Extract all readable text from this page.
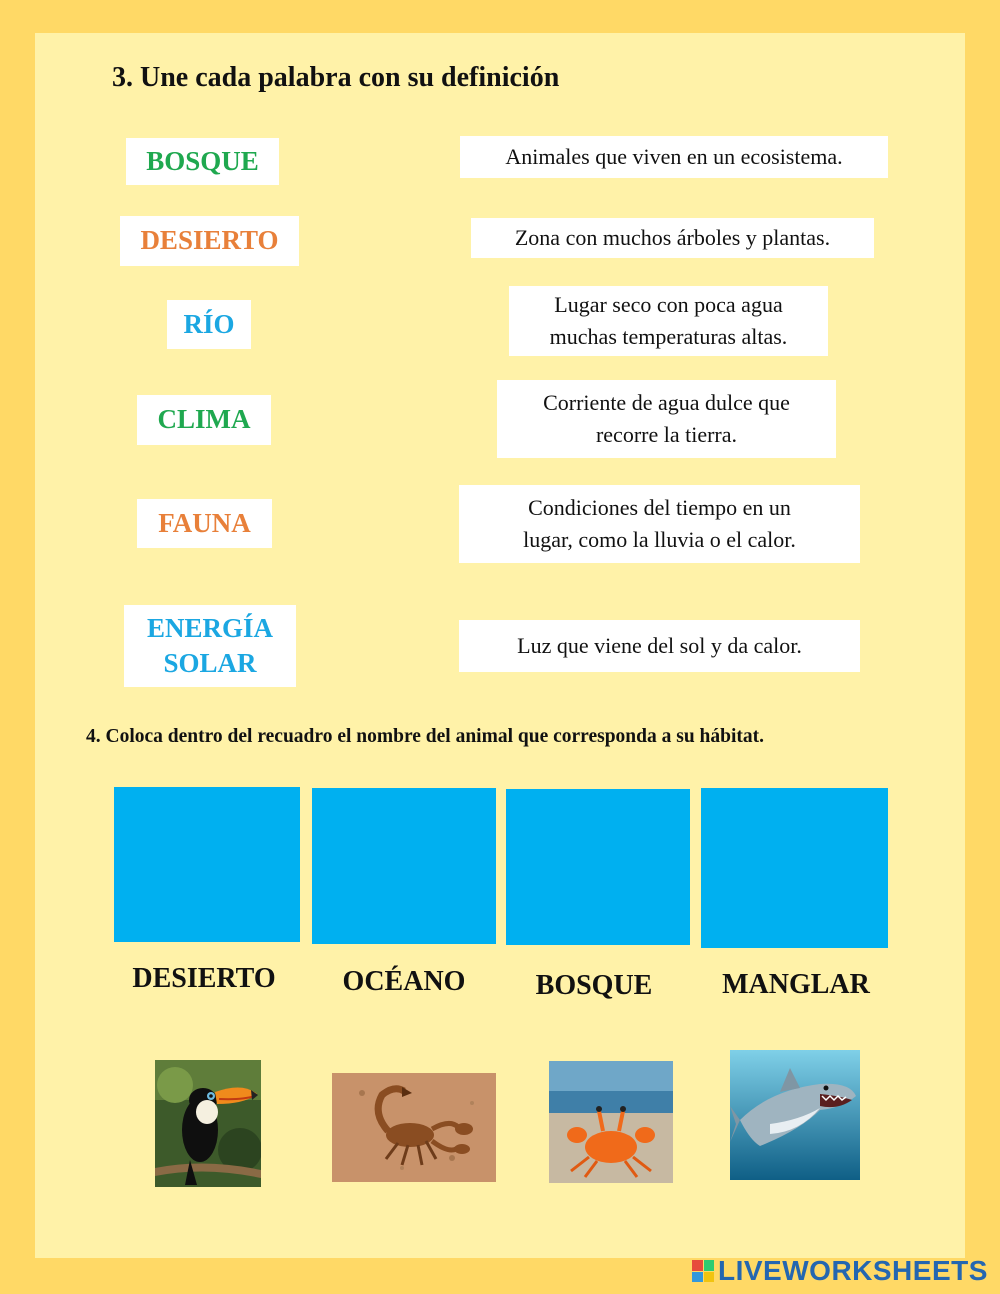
3. Une cada palabra con su definición
BOSQUE
DESIERTO
RÍO
CLIMA
FAUNA
ENERGÍA
SOLAR
Animales que viven en un ecosistema.
Zona con muchos árboles y plantas.
Lugar seco con poca agua
muchas temperaturas altas.
Corriente de agua dulce que
recorre la tierra.
Condiciones del tiempo en un
lugar, como la lluvia o el calor.
Luz que viene del sol y da calor.
4. Coloca dentro del recuadro el nombre del animal que corresponda a su hábitat.
DESIERTO	OCÉANO	BOSQUE	MANGLAR
LIVEWORKSHEETS
